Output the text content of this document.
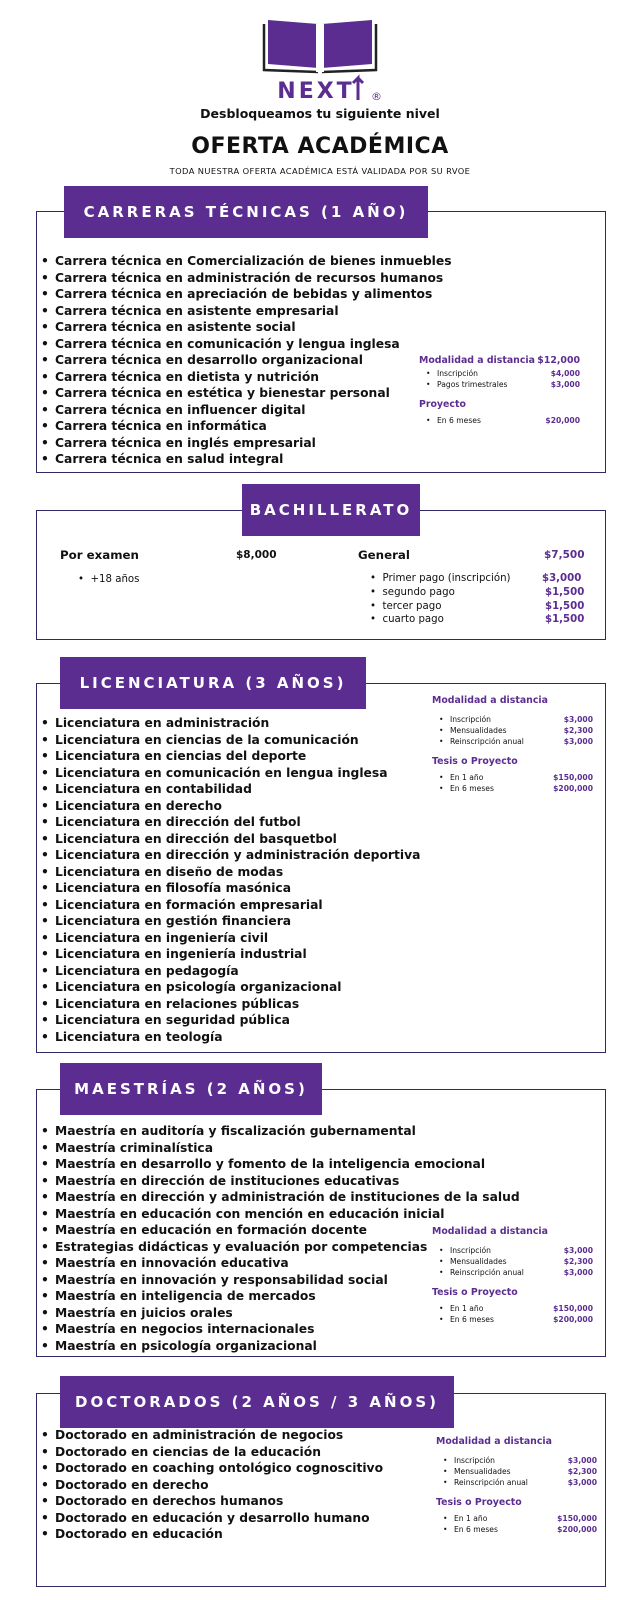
NEXT ®
Desbloqueamos tu siguiente nivel
OFERTA ACADÉMICA
TODA NUESTRA OFERTA ACADÉMICA ESTÁ VALIDADA POR SU RVOE
CARRERAS TÉCNICAS (1 AÑO)
• Carrera técnica en Comercialización de bienes inmuebles
• Carrera técnica en administración de recursos humanos
• Carrera técnica en apreciación de bebidas y alimentos
• Carrera técnica en asistente empresarial
• Carrera técnica en asistente social
• Carrera técnica en comunicación y lengua inglesa
• Carrera técnica en desarrollo organizacional
• Carrera técnica en dietista y nutrición
• Carrera técnica en estética y bienestar personal
• Carrera técnica en influencer digital
• Carrera técnica en informática
• Carrera técnica en inglés empresarial
• Carrera técnica en salud integral
Modalidad a distancia $12,000
• Inscripción	$4,000
• Pagos trimestrales	$3,000
Proyecto
• En 6 meses	$20,000
BACHILLERATO
Por examen	$8,000
•  +18 años
General	$7,500
•  Primer pago (inscripción)	$3,000
•  segundo pago	$1,500
•  tercer pago	$1,500
•  cuarto pago	$1,500
LICENCIATURA (3 AÑOS)
• Licenciatura en administración
• Licenciatura en ciencias de la comunicación
• Licenciatura en ciencias del deporte
• Licenciatura en comunicación en lengua inglesa
• Licenciatura en contabilidad
• Licenciatura en derecho
• Licenciatura en dirección del futbol
• Licenciatura en dirección del basquetbol
• Licenciatura en dirección y administración deportiva
• Licenciatura en diseño de modas
• Licenciatura en filosofía masónica
• Licenciatura en formación empresarial
• Licenciatura en gestión financiera
• Licenciatura en ingeniería civil
• Licenciatura en ingeniería industrial
• Licenciatura en pedagogía
• Licenciatura en psicología organizacional
• Licenciatura en relaciones públicas
• Licenciatura en seguridad pública
• Licenciatura en teología
Modalidad a distancia
• Inscripción	$3,000
• Mensualidades	$2,300
• Reinscripción anual	$3,000
Tesis o Proyecto
• En 1 año	$150,000
• En 6 meses	$200,000
MAESTRÍAS (2 AÑOS)
• Maestría en auditoría y fiscalización gubernamental
• Maestría criminalística
• Maestría en desarrollo y fomento de la inteligencia emocional
• Maestría en dirección de instituciones educativas
• Maestría en dirección y administración de instituciones de la salud
• Maestría en educación con mención en educación inicial
• Maestría en educación en formación docente
• Estrategias didácticas y evaluación por competencias
• Maestría en innovación educativa
• Maestría en innovación y responsabilidad social
• Maestría en inteligencia de mercados
• Maestría en juicios orales
• Maestría en negocios internacionales
• Maestría en psicología organizacional
Modalidad a distancia
• Inscripción	$3,000
• Mensualidades	$2,300
• Reinscripción anual	$3,000
Tesis o Proyecto
• En 1 año	$150,000
• En 6 meses	$200,000
DOCTORADOS (2 AÑOS / 3 AÑOS)
• Doctorado en administración de negocios
• Doctorado en ciencias de la educación
• Doctorado en coaching ontológico cognoscitivo
• Doctorado en derecho
• Doctorado en derechos humanos
• Doctorado en educación y desarrollo humano
• Doctorado en educación
Modalidad a distancia
• Inscripción	$3,000
• Mensualidades	$2,300
• Reinscripción anual	$3,000
Tesis o Proyecto
• En 1 año	$150,000
• En 6 meses	$200,000
